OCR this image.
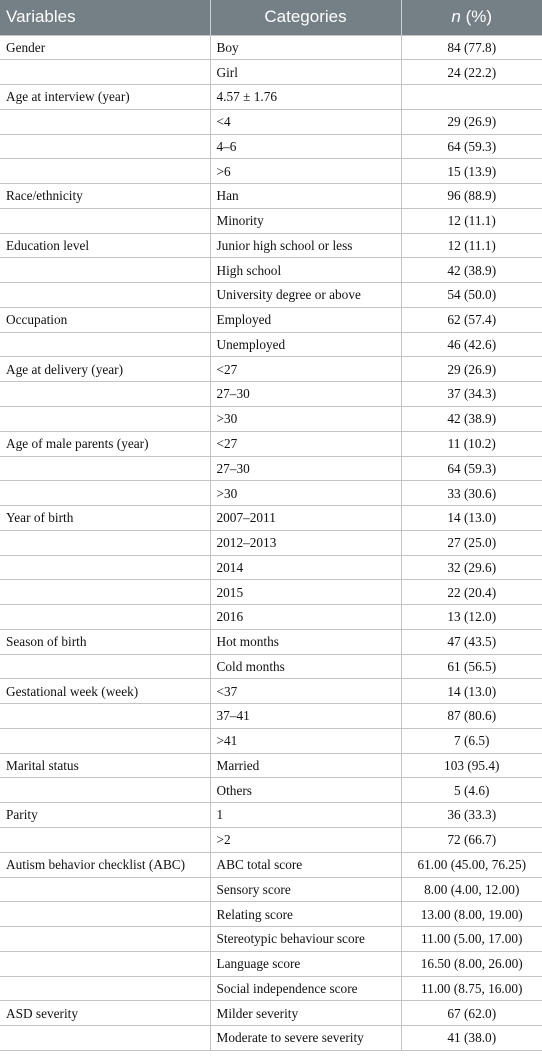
Variables	Categories	n (%)
Gender	Boy	84 (77.8)
	Girl	24 (22.2)
Age at interview (year)	4.57 ± 1.76	
	<4	29 (26.9)
	4–6	64 (59.3)
	>6	15 (13.9)
Race/ethnicity	Han	96 (88.9)
	Minority	12 (11.1)
Education level	Junior high school or less	12 (11.1)
	High school	42 (38.9)
	University degree or above	54 (50.0)
Occupation	Employed	62 (57.4)
	Unemployed	46 (42.6)
Age at delivery (year)	<27	29 (26.9)
	27–30	37 (34.3)
	>30	42 (38.9)
Age of male parents (year)	<27	11 (10.2)
	27–30	64 (59.3)
	>30	33 (30.6)
Year of birth	2007–2011	14 (13.0)
	2012–2013	27 (25.0)
	2014	32 (29.6)
	2015	22 (20.4)
	2016	13 (12.0)
Season of birth	Hot months	47 (43.5)
	Cold months	61 (56.5)
Gestational week (week)	<37	14 (13.0)
	37–41	87 (80.6)
	>41	7 (6.5)
Marital status	Married	103 (95.4)
	Others	5 (4.6)
Parity	1	36 (33.3)
	>2	72 (66.7)
Autism behavior checklist (ABC)	ABC total score	61.00 (45.00, 76.25)
	Sensory score	8.00 (4.00, 12.00)
	Relating score	13.00 (8.00, 19.00)
	Stereotypic behaviour score	11.00 (5.00, 17.00)
	Language score	16.50 (8.00, 26.00)
	Social independence score	11.00 (8.75, 16.00)
ASD severity	Milder severity	67 (62.0)
	Moderate to severe severity	41 (38.0)
